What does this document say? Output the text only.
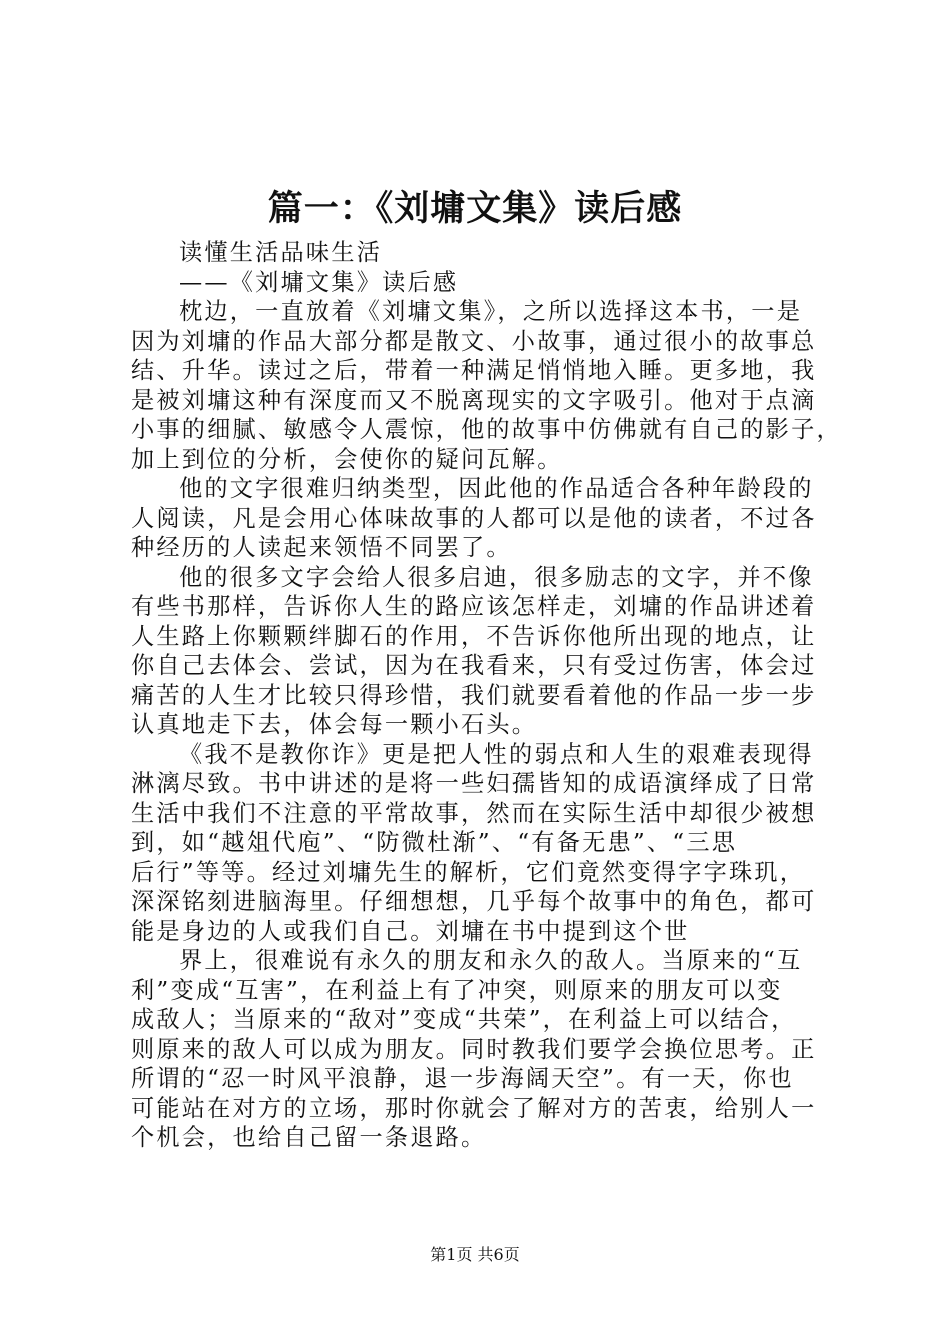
篇一：《刘墉文集》读后感
读懂生活品味生活
——《刘墉文集》读后感
枕边，一直放着《刘墉文集》，之所以选择这本书，一是
因为刘墉的作品大部分都是散文、小故事，通过很小的故事总
结、升华。读过之后，带着一种满足悄悄地入睡。更多地，我
是被刘墉这种有深度而又不脱离现实的文字吸引。他对于点滴
小事的细腻、敏感令人震惊，他的故事中仿佛就有自己的影子，
加上到位的分析，会使你的疑问瓦解。
他的文字很难归纳类型，因此他的作品适合各种年龄段的
人阅读，凡是会用心体味故事的人都可以是他的读者，不过各
种经历的人读起来领悟不同罢了。
他的很多文字会给人很多启迪，很多励志的文字，并不像
有些书那样，告诉你人生的路应该怎样走，刘墉的作品讲述着
人生路上你颗颗绊脚石的作用，不告诉你他所出现的地点，让
你自己去体会、尝试，因为在我看来，只有受过伤害，体会过
痛苦的人生才比较只得珍惜，我们就要看着他的作品一步一步
认真地走下去，体会每一颗小石头。
《我不是教你诈》更是把人性的弱点和人生的艰难表现得
淋漓尽致。书中讲述的是将一些妇孺皆知的成语演绎成了日常
生活中我们不注意的平常故事，然而在实际生活中却很少被想
到，如“越俎代庖”、“防微杜渐”、“有备无患”、“三思
后行”等等。经过刘墉先生的解析，它们竟然变得字字珠玑，
深深铭刻进脑海里。仔细想想，几乎每个故事中的角色，都可
能是身边的人或我们自己。刘墉在书中提到这个世
界上，很难说有永久的朋友和永久的敌人。当原来的“互
利”变成“互害”，在利益上有了冲突，则原来的朋友可以变
成敌人；当原来的“敌对”变成“共荣”，在利益上可以结合，
则原来的敌人可以成为朋友。同时教我们要学会换位思考。正
所谓的“忍一时风平浪静，退一步海阔天空”。有一天，你也
可能站在对方的立场，那时你就会了解对方的苦衷，给别人一
个机会，也给自己留一条退路。
第1页 共6页
